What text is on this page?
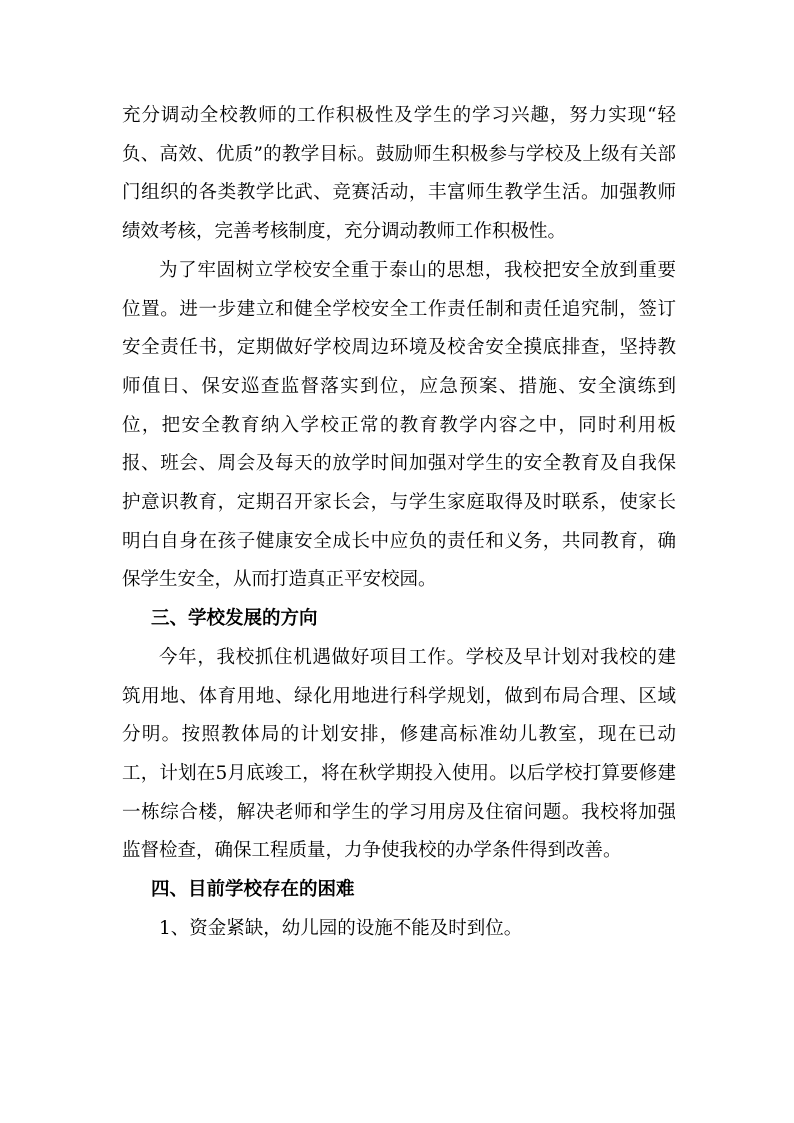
充分调动全校教师的工作积极性及学生的学习兴趣，努力实现“轻负、高效、优质”的教学目标。鼓励师生积极参与学校及上级有关部门组织的各类教学比武、竞赛活动，丰富师生教学生活。加强教师绩效考核，完善考核制度，充分调动教师工作积极性。

为了牢固树立学校安全重于泰山的思想，我校把安全放到重要位置。进一步建立和健全学校安全工作责任制和责任追究制，签订安全责任书，定期做好学校周边环境及校舍安全摸底排查，坚持教师值日、保安巡查监督落实到位，应急预案、措施、安全演练到位，把安全教育纳入学校正常的教育教学内容之中，同时利用板报、班会、周会及每天的放学时间加强对学生的安全教育及自我保护意识教育，定期召开家长会，与学生家庭取得及时联系，使家长明白自身在孩子健康安全成长中应负的责任和义务，共同教育，确保学生安全，从而打造真正平安校园。

三、学校发展的方向

今年，我校抓住机遇做好项目工作。学校及早计划对我校的建筑用地、体育用地、绿化用地进行科学规划，做到布局合理、区域分明。按照教体局的计划安排，修建高标准幼儿教室，现在已动工，计划在5月底竣工，将在秋学期投入使用。以后学校打算要修建一栋综合楼，解决老师和学生的学习用房及住宿问题。我校将加强监督检查，确保工程质量，力争使我校的办学条件得到改善。

四、目前学校存在的困难

1、资金紧缺，幼儿园的设施不能及时到位。
